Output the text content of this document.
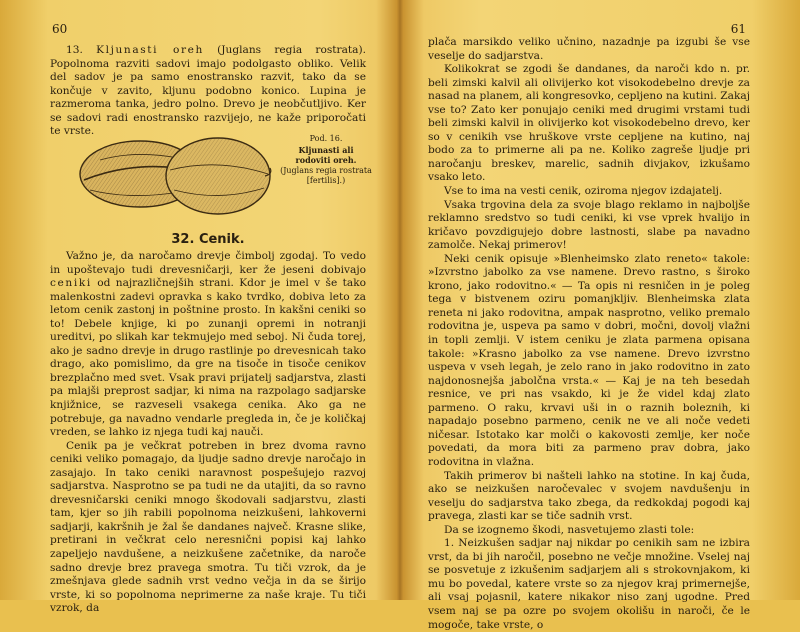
60

13. Kljunasti oreh (Juglans regia rostrata). Popolnoma razviti sadovi imajo podolgasto obliko. Velik del sadov je pa samo enostransko razvit, tako da se končuje v zavito, kljunu podobno konico. Lupina je razmeroma tanka, jedro polno. Drevo je neobčutljivo. Ker se sadovi radi enostransko razvijejo, ne kaže priporočati te vrste.

Pod. 16.
Kljunasti ali rodoviti oreh.
(Juglans regia rostrata [fertilis].)
32. Cenik.

Važno je, da naročamo drevje čimbolj zgodaj. To vedo in upoštevajo tudi drevesničarji, ker že jeseni dobivajo ceniki od najrazličnejših strani. Kdor je imel v še tako malenkostni zadevi opravka s kako tvrdko, dobiva leto za letom cenik zastonj in poštnine prosto. In kakšni ceniki so to! Debele knjige, ki po zunanji opremi in notranji ureditvi, po slikah kar tekmujejo med seboj. Ni čuda torej, ako je sadno drevje in drugo rastlinje po drevesnicah tako drago, ako pomislimo, da gre na tisoče in tisoče cenikov brezplačno med svet. Vsak pravi prijatelj sadjarstva, zlasti pa mlajši preprost sadjar, ki nima na razpolago sadjarske knjižnice, se razveseli vsakega cenika. Ako ga ne potrebuje, ga navadno vendarle pregleda in, če je količkaj vreden, se lahko iz njega tudi kaj nauči.

Cenik pa je večkrat potreben in brez dvoma ravno ceniki veliko pomagajo, da ljudje sadno drevje naročajo in zasajajo. In tako ceniki naravnost pospešujejo razvoj sadjarstva. Nasprotno se pa tudi ne da utajiti, da so ravno drevesničarski ceniki mnogo škodovali sadjarstvu, zlasti tam, kjer so jih rabili popolnoma neizkušeni, lahkoverni sadjarji, kakršnih je žal še dandanes največ. Krasne slike, pretirani in večkrat celo neresnični popisi kaj lahko zapeljejo navdušene, a neizkušene začetnike, da naroče sadno drevje brez pravega smotra. Tu tiči vzrok, da je zmešnjava glede sadnih vrst vedno večja in da se širijo vrste, ki so popolnoma neprimerne za naše kraje. Tu tiči vzrok, da

61

plača marsikdo veliko učnino, nazadnje pa izgubi še vse veselje do sadjarstva.

Kolikokrat se zgodi še dandanes, da naroči kdo n. pr. beli zimski kalvil ali olivijerko kot visokodebelno drevje za nasad na planem, ali kongresovko, cepljeno na kutini. Zakaj vse to? Zato ker ponujajo ceniki med drugimi vrstami tudi beli zimski kalvil in olivijerko kot visokodebelno drevo, ker so v cenikih vse hruškove vrste cepljene na kutino, naj bodo za to primerne ali pa ne. Koliko zagreše ljudje pri naročanju breskev, marelic, sadnih divjakov, izkušamo vsako leto.

Vse to ima na vesti cenik, oziroma njegov izdajatelj.

Vsaka trgovina dela za svoje blago reklamo in najboljše reklamno sredstvo so tudi ceniki, ki vse vprek hvalijo in kričavo povzdigujejo dobre lastnosti, slabe pa navadno zamolče. Nekaj primerov!

Neki cenik opisuje »Blenheimsko zlato reneto« takole: »Izvrstno jabolko za vse namene. Drevo rastno, s široko krono, jako rodovitno.« — Ta opis ni resničen in je poleg tega v bistvenem oziru pomanjkljiv. Blenheimska zlata reneta ni jako rodovitna, ampak nasprotno, veliko premalo rodovitna je, uspeva pa samo v dobri, močni, dovolj vlažni in topli zemlji. V istem ceniku je zlata parmena opisana takole: »Krasno jabolko za vse namene. Drevo izvrstno uspeva v vseh legah, je zelo rano in jako rodovitno in zato najdonosnejša jabolčna vrsta.« — Kaj je na teh besedah resnice, ve pri nas vsakdo, ki je že videl kdaj zlato parmeno. O raku, krvavi uši in o raznih boleznih, ki napadajo posebno parmeno, cenik ne ve ali noče vedeti ničesar. Istotako kar molči o kakovosti zemlje, ker noče povedati, da mora biti za parmeno prav dobra, jako rodovitna in vlažna.

Takih primerov bi našteli lahko na stotine. In kaj čuda, ako se neizkušen naročevalec v svojem navdušenju in veselju do sadjarstva tako zbega, da redkokdaj pogodi kaj pravega, zlasti kar se tiče sadnih vrst.

Da se izognemo škodi, nasvetujemo zlasti tole:

1. Neizkušen sadjar naj nikdar po cenikih sam ne izbira vrst, da bi jih naročil, posebno ne večje množine. Vselej naj se posvetuje z izkušenim sadjarjem ali s strokovnjakom, ki mu bo povedal, katere vrste so za njegov kraj primernejše, ali vsaj pojasnil, katere nikakor niso zanj ugodne. Pred vsem naj se pa ozre po svojem okolišu in naroči, če le mogoče, take vrste, o
